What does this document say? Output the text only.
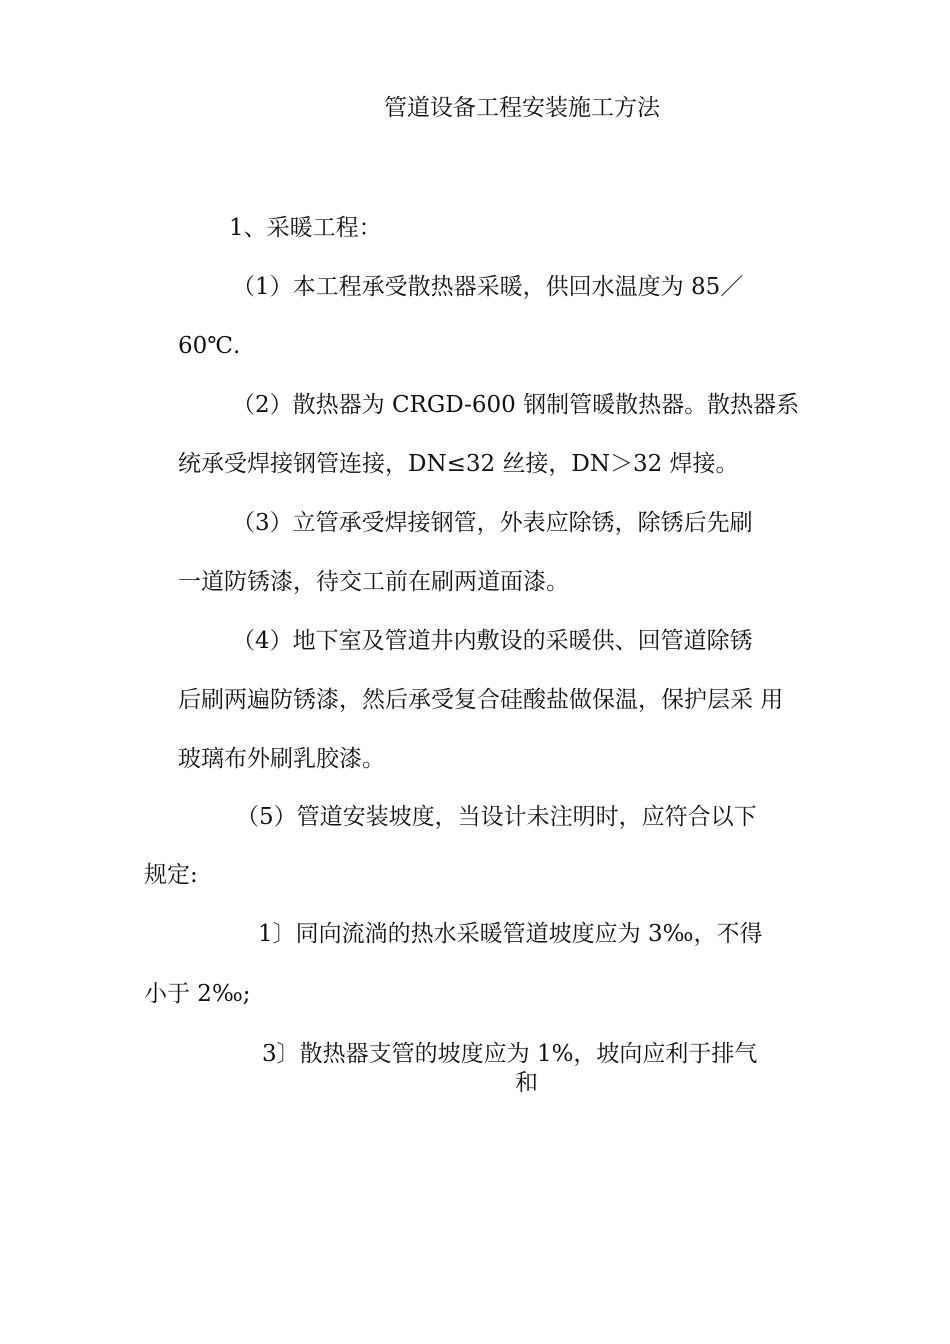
管道设备工程安装施工方法
1、采暖工程：
（1）本工程承受散热器采暖，供回水温度为 85／
60℃.
（2）散热器为 CRGD-600 钢制管暖散热器。散热器系
统承受焊接钢管连接，DN≤32 丝接，DN＞32 焊接。
（3）立管承受焊接钢管，外表应除锈，除锈后先刷
一道防锈漆，待交工前在刷两道面漆。
（4）地下室及管道井内敷设的采暖供、回管道除锈
后刷两遍防锈漆，然后承受复合硅酸盐做保温，保护层采 用
玻璃布外刷乳胶漆。
（5）管道安装坡度，当设计未注明时，应符合以下
规定:
1〕同向流淌的热水采暖管道坡度应为 3‰，不得
小于 2‰;
3〕散热器支管的坡度应为 1%，坡向应利于排气
和
